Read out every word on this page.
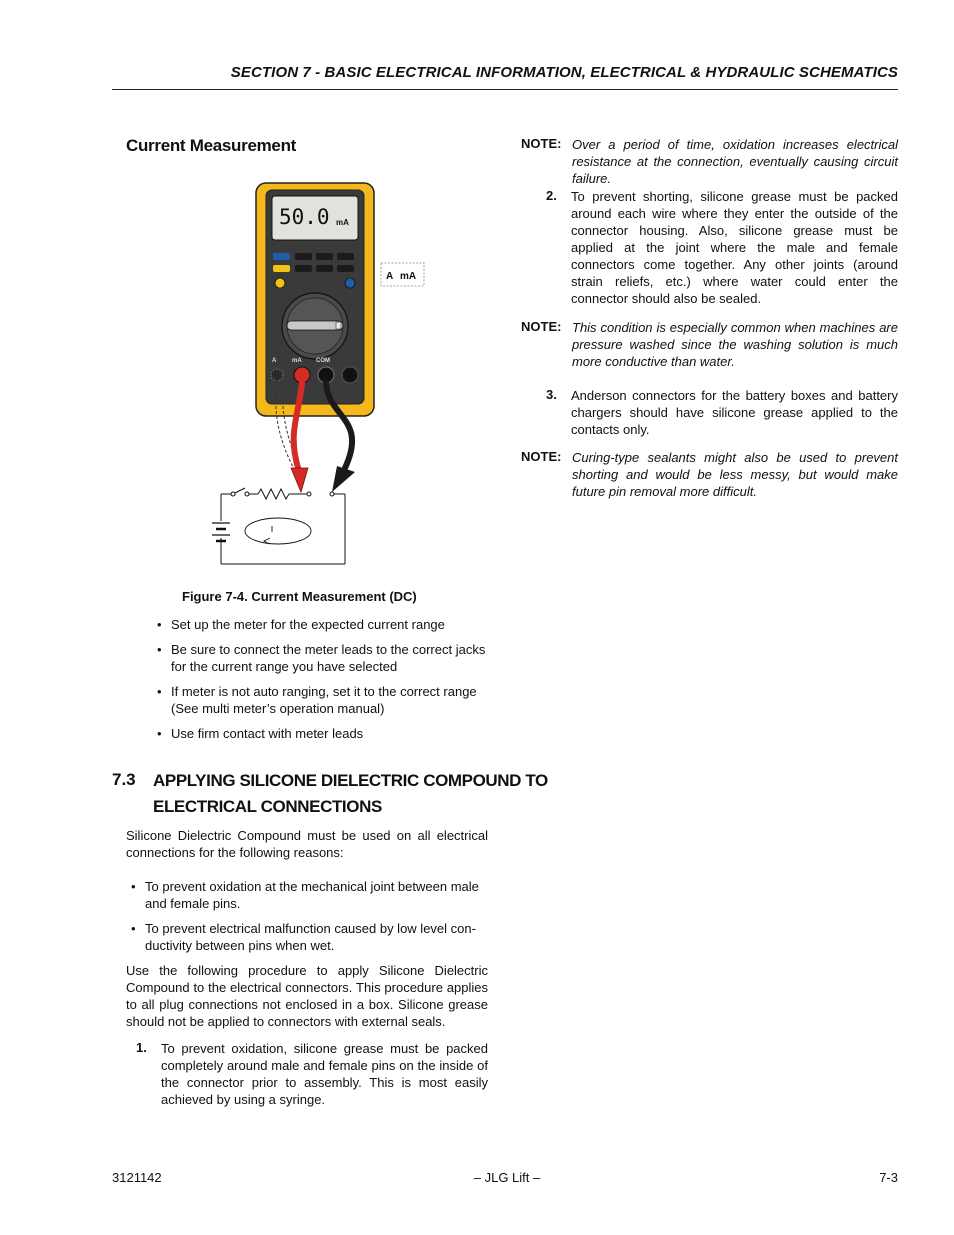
SECTION 7 - BASIC ELECTRICAL INFORMATION, ELECTRICAL & HYDRAULIC SCHEMATICS
Current Measurement
50.0 mA
A	mA COM
A mA
Figure 7-4. Current Measurement (DC)
• Set up the meter for the expected current range
• Be sure to connect the meter leads to the correct jacks
for the current range you have selected
• If meter is not auto ranging, set it to the correct range
(See multi meter’s operation manual)
• Use firm contact with meter leads
7.3 APPLYING SILICONE DIELECTRIC COMPOUND TO
ELECTRICAL CONNECTIONS
Silicone Dielectric Compound must be used on all electrical connections for the following reasons:
• To prevent oxidation at the mechanical joint between male
and female pins.
• To prevent electrical malfunction caused by low level con-
ductivity between pins when wet.
Use the following procedure to apply Silicone Dielectric Compound to the electrical connectors. This procedure applies to all plug connections not enclosed in a box. Silicone grease should not be applied to connectors with external seals.
1. To prevent oxidation, silicone grease must be packed completely around male and female pins on the inside of the connector prior to assembly. This is most easily achieved by using a syringe.
NOTE: Over a period of time, oxidation increases electrical resistance at the connection, eventually causing circuit failure.
2. To prevent shorting, silicone grease must be packed around each wire where they enter the outside of the connector housing. Also, silicone grease must be applied at the joint where the male and female connectors come together. Any other joints (around strain reliefs, etc.) where water could enter the connector should also be sealed.
NOTE: This condition is especially common when machines are pressure washed since the washing solution is much more conductive than water.
3. Anderson connectors for the battery boxes and battery chargers should have silicone grease applied to the contacts only.
NOTE: Curing-type sealants might also be used to prevent shorting and would be less messy, but would make future pin removal more difficult.
3121142	– JLG Lift –	7-3
